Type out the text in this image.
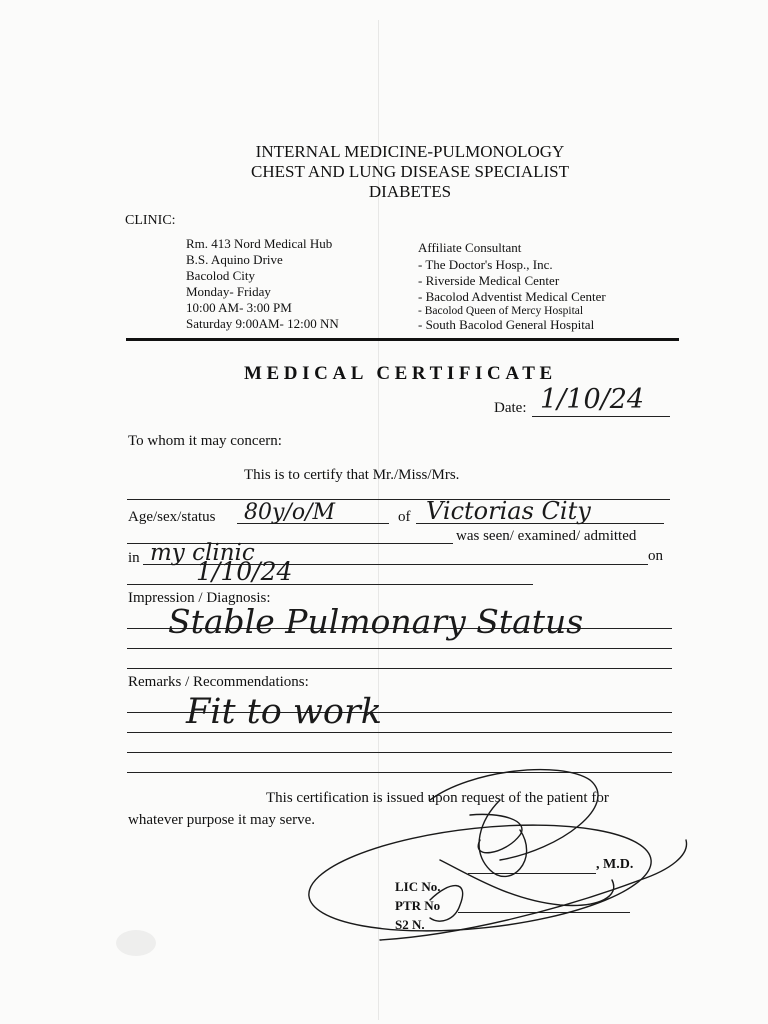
INTERNAL MEDICINE-PULMONOLOGY
CHEST AND LUNG DISEASE SPECIALIST
DIABETES
CLINIC:
Rm. 413 Nord Medical Hub
B.S. Aquino Drive
Bacolod City
Monday- Friday
10:00 AM- 3:00 PM
Saturday 9:00AM- 12:00 NN
Affiliate Consultant
- The Doctor's Hosp., Inc.
- Riverside Medical Center
- Bacolod Adventist Medical Center
- Bacolod Queen of Mercy Hospital
- South Bacolod General Hospital
MEDICAL CERTIFICATE
Date: 1/10/24
To whom it may concern:
This is to certify that Mr./Miss/Mrs.
Age/sex/status 80y/o/M	of Victorias City
was seen/ examined/ admitted
in my clinic	on
1/10/24
Impression / Diagnosis:
Stable Pulmonary Status
Remarks / Recommendations:
Fit to work
This certification is issued upon request of the patient for
whatever purpose it may serve.
, M.D.
LIC No.
PTR No
S2 N.
